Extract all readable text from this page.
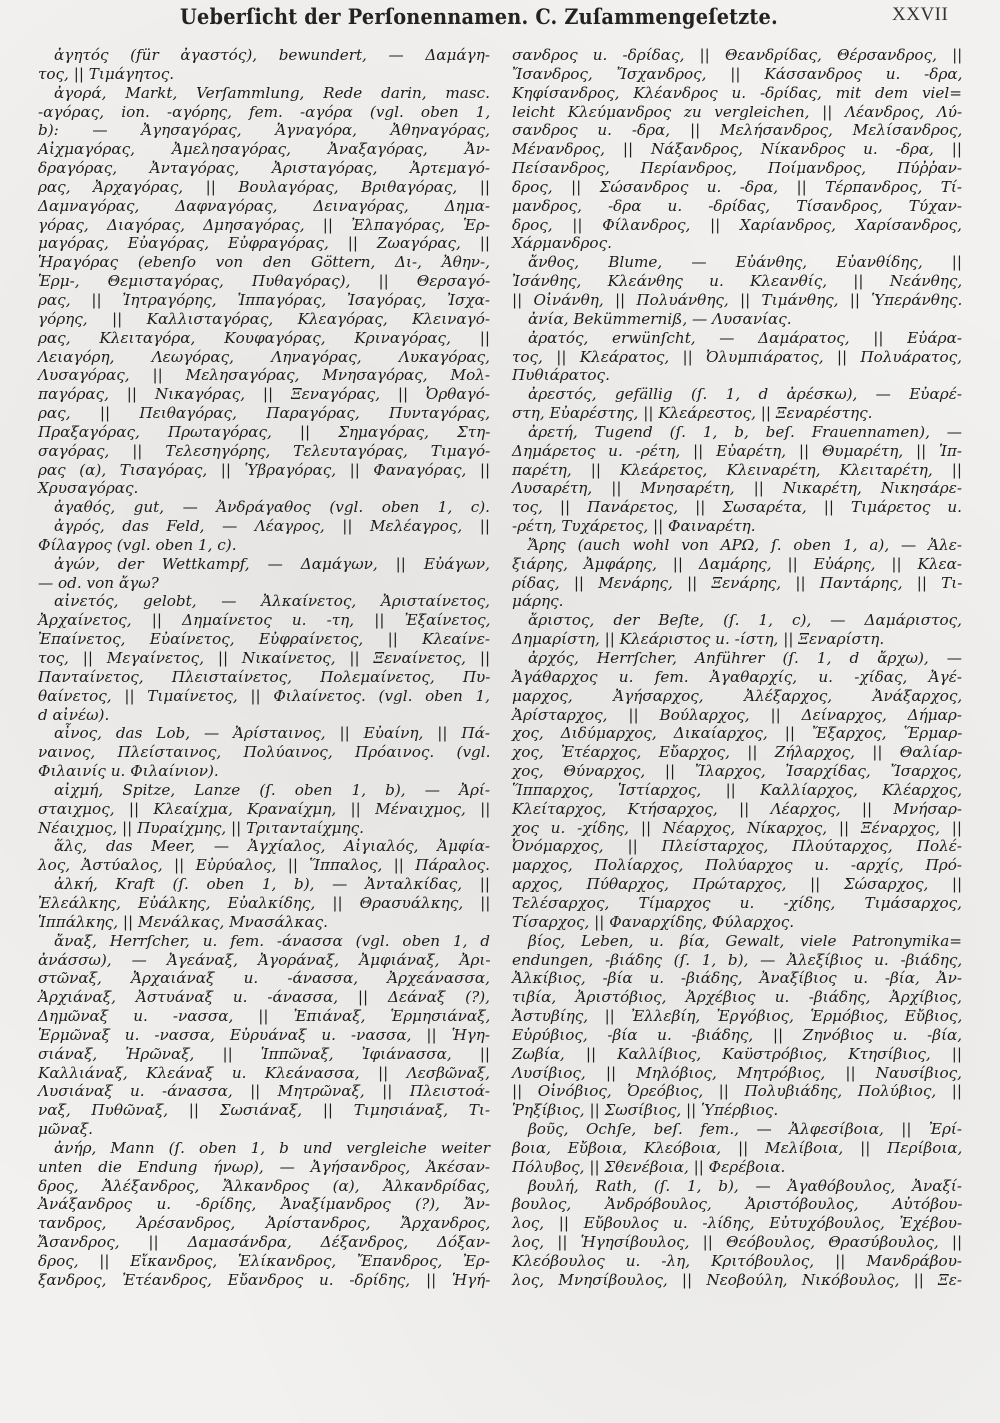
Ueberſicht der Perſonennamen. C. Zuſammengeſetzte.	XXVII
ἀγητός (für ἀγαστός), bewundert, — Δαμάγη-
τος, || Τιμάγητος.
ἀγορά, Markt, Verſammlung, Rede darin, masc.
-αγόρας, ion. -αγόρης, fem. -αγόρα (vgl. oben 1,
b): — Ἀγησαγόρας, Ἁγναγόρα, Ἀθηναγόρας,
Αἰχμαγόρας, Ἀμελησαγόρας, Ἀναξαγόρας, Ἀν-
δραγόρας, Ἀνταγόρας, Ἀρισταγόρας, Ἀρτεμαγό-
ρας, Ἀρχαγόρας, || Βουλαγόρας, Βριθαγόρας, ||
Δαμναγόρας, Δαφναγόρας, Δειναγόρας, Δημα-
γόρας, Διαγόρας, Δμησαγόρας, || Ἐλπαγόρας, Ἑρ-
μαγόρας, Εὐαγόρας, Εὐφραγόρας, || Ζωαγόρας, ||
Ἡραγόρας (ebenſo von den Göttern, Δι-, Ἀθην-,
Ἑρμ-, Θεμισταγόρας, Πυθαγόρας), || Θερσαγό-
ρας, || Ἰητραγόρης, Ἱππαγόρας, Ἰσαγόρας, Ἰσχα-
γόρης, || Καλλισταγόρας, Κλεαγόρας, Κλειναγό-
ρας, Κλειταγόρα, Κουφαγόρας, Κριναγόρας, ||
Λειαγόρη, Λεωγόρας, Ληναγόρας, Λυκαγόρας,
Λυσαγόρας, || Μελησαγόρας, Μνησαγόρας, Μολ-
παγόρας, || Νικαγόρας, || Ξεναγόρας, || Ὀρθαγό-
ρας, || Πειθαγόρας, Παραγόρας, Πυνταγόρας,
Πραξαγόρας, Πρωταγόρας, || Σημαγόρας, Στη-
σαγόρας, || Τελεσηγόρης, Τελευταγόρας, Τιμαγό-
ρας (α), Τισαγόρας, || Ὑβραγόρας, || Φαναγόρας, ||
Χρυσαγόρας.
ἀγαθός, gut, — Ἀνδράγαθος (vgl. oben 1, c).
ἀγρός, das Feld, — Λέαγρος, || Μελέαγρος, ||
Φίλαγρος (vgl. oben 1, c).
ἀγών, der Wettkampf, — Δαμάγων, || Εὐάγων,
— od. von ἄγω?
αἰνετός, gelobt, — Ἀλκαίνετος, Ἀρισταίνετος,
Ἀρχαίνετος, || Δημαίνετος u. -τη, || Ἐξαίνετος,
Ἐπαίνετος, Εὐαίνετος, Εὐφραίνετος, || Κλεαίνε-
τος, || Μεγαίνετος, || Νικαίνετος, || Ξεναίνετος, ||
Πανταίνετος, Πλεισταίνετος, Πολεμαίνετος, Πυ-
θαίνετος, || Τιμαίνετος, || Φιλαίνετος. (vgl. oben 1,
d αἰνέω).
αἶνος, das Lob, — Ἀρίσταινος, || Εὐαίνη, || Πά-
ναινος, Πλείσταινος, Πολύαινος, Πρόαινος. (vgl.
Φιλαινίς u. Φιλαίνιον).
αἰχμή, Spitze, Lanze (ſ. oben 1, b), — Ἀρί-
σταιχμος, || Κλεαίχμα, Κραναίχμη, || Μέναιχμος, ||
Νέαιχμος, || Πυραίχμης, || Τριταντaίχμης.
ἅλς, das Meer, — Ἀγχίαλος, Αἰγιαλός, Ἀμφία-
λος, Ἀστύαλος, || Εὐρύαλος, || Ἵππαλος, || Πάραλος.
ἀλκή, Kraft (ſ. oben 1, b), — Ἀνταλκίδας, ||
Ἐλεάλκης, Εὐάλκης, Εὐαλκίδης, || Θρασυάλκης, ||
Ἱππάλκης, || Μενάλκας, Μνασάλκας.
ἄναξ, Herrſcher, u. fem. -άνασσα (vgl. oben 1, d
ἀνάσσω), — Ἀγεάναξ, Ἀγοράναξ, Ἀμφιάναξ, Ἀρι-
στῶναξ, Ἀρχαιάναξ u. -άνασσα, Ἀρχεάνασσα,
Ἀρχιάναξ, Ἀστυάναξ u. -άνασσα, || Δεάναξ (?),
Δημῶναξ u. -νασσα, || Ἐπιάναξ, Ἑρμησιάναξ,
Ἑρμῶναξ u. -νασσα, Εὐρυάναξ u. -νασσα, || Ἡγη-
σιάναξ, Ἡρῶναξ, || Ἱππῶναξ, Ἰφιάνασσα, ||
Καλλιάναξ, Κλεάναξ u. Κλεάνασσα, || Λεσβῶναξ,
Λυσιάναξ u. -άνασσα, || Μητρῶναξ, || Πλειστοά-
ναξ, Πυθῶναξ, || Σωσιάναξ, || Τιμησιάναξ, Τι-
μῶναξ.
ἀνήρ, Mann (ſ. oben 1, b und vergleiche weiter
unten die Endung ήνωρ), — Ἀγήσανδρος, Ἀκέσαν-
δρος, Ἀλέξανδρος, Ἄλκανδρος (α), Ἀλκανδρίδας,
Ἀνάξανδρος u. -δρίδης, Ἀναξίμανδρος (?), Ἄν-
τανδρος, Ἀρέσανδρος, Ἀρίστανδρος, Ἄρχανδρος,
Ἄσανδρος, || Δαμασάνδρα, Δέξανδρος, Δόξαν-
δρος, || Εἴκανδρος, Ἑλίκανδρος, Ἔπανδρος, Ἐρ-
ξανδρος, Ἐτέανδρος, Εὔανδρος u. -δρίδης, || Ἡγή-
σανδρος u. -δρίδας, || Θεανδρίδας, Θέρσανδρος, ||
Ἴσανδρος, Ἴσχανδρος, || Κάσσανδρος u. -δρα,
Κηφίσανδρος, Κλέανδρος u. -δρίδας, mit dem viel=
leicht Κλεύμανδρος zu vergleichen, || Λέανδρος, Λύ-
σανδρος u. -δρα, || Μελήσανδρος, Μελίσανδρος,
Μένανδρος, || Νάξανδρος, Νίκανδρος u. -δρα, ||
Πείσανδρος, Περίανδρος, Ποίμανδρος, Πύῤῥαν-
δρος, || Σώσανδρος u. -δρα, || Τέρπανδρος, Τί-
μανδρος, -δρα u. -δρίδας, Τίσανδρος, Τύχαν-
δρος, || Φίλανδρος, || Χαρίανδρος, Χαρίσανδρος,
Χάρμανδρος.
ἄνθος, Blume, — Εὐάνθης, Εὐανθίδης, ||
Ἰσάνθης, Κλεάνθης u. Κλεανθίς, || Νεάνθης,
|| Οἰνάνθη, || Πολυάνθης, || Τιμάνθης, || Ὑπεράνθης.
ἀνία, Bekümmerniß, — Λυσανίας.
ἀρατός, erwünſcht, — Δαμάρατος, || Εὐάρα-
τος, || Κλεάρατος, || Ὀλυμπιάρατος, || Πολυάρατος,
Πυθιάρατος.
ἀρεστός, gefällig (ſ. 1, d ἀρέσκω), — Εὐαρέ-
στη, Εὐαρέστης, || Κλεάρεστος, || Ξεναρέστης.
ἀρετή, Tugend (ſ. 1, b, beſ. Frauennamen), —
Δημάρετος u. -ρέτη, || Εὐαρέτη, || Θυμαρέτη, || Ἱπ-
παρέτη, || Κλεάρετος, Κλειναρέτη, Κλειταρέτη, ||
Λυσαρέτη, || Μνησαρέτη, || Νικαρέτη, Νικησάρε-
τος, || Πανάρετος, || Σωσαρέτα, || Τιμάρετος u.
-ρέτη, Τυχάρετος, || Φαιναρέτη.
Ἄρης (auch wohl von ΑΡΩ, ſ. oben 1, a), — Ἀλε-
ξιάρης, Ἀμφάρης, || Δαμάρης, || Εὐάρης, || Κλεα-
ρίδας, || Μενάρης, || Ξενάρης, || Παντάρης, || Τι-
μάρης.
ἄριστος, der Beſte, (ſ. 1, c), — Δαμάριστος,
Δημαρίστη, || Κλεάριστος u. -ίστη, || Ξεναρίστη.
ἀρχός, Herrſcher, Anführer (ſ. 1, d ἄρχω), —
Ἀγάθαρχος u. fem. Ἀγαθαρχίς, u. -χίδας, Ἀγέ-
μαρχος, Ἀγήσαρχος, Ἀλέξαρχος, Ἀνάξαρχος,
Ἀρίσταρχος, || Βούλαρχος, || Δείναρχος, Δήμαρ-
χος, Διδύμαρχος, Δικαίαρχος, || Ἔξαρχος, Ἕρμαρ-
χος, Ἐτέαρχος, Εὔαρχος, || Ζήλαρχος, || Θαλίαρ-
χος, Θύναρχος, || Ἴλαρχος, Ἰσαρχίδας, Ἴσαρχος,
Ἵππαρχος, Ἱστίαρχος, || Καλλίαρχος, Κλέαρχος,
Κλείταρχος, Κτήσαρχος, || Λέαρχος, || Μνήσαρ-
χος u. -χίδης, || Νέαρχος, Νίκαρχος, || Ξέναρχος, ||
Ὀνόμαρχος, || Πλείσταρχος, Πλούταρχος, Πολέ-
μαρχος, Πολίαρχος, Πολύαρχος u. -αρχίς, Πρό-
αρχος, Πύθαρχος, Πρώταρχος, || Σώσαρχος, ||
Τελέσαρχος, Τίμαρχος u. -χίδης, Τιμάσαρχος,
Τίσαρχος, || Φαναρχίδης, Φύλαρχος.
βίος, Leben, u. βία, Gewalt, viele Patronymika=
endungen, -βιάδης (ſ. 1, b), — Ἀλεξίβιος u. -βιάδης,
Ἀλκίβιος, -βία u. -βιάδης, Ἀναξίβιος u. -βία, Ἀν-
τιβία, Ἀριστόβιος, Ἀρχέβιος u. -βιάδης, Ἀρχίβιος,
Ἀστυβίης, || Ἐλλεβίη, Ἐργόβιος, Ἑρμόβιος, Εὔβιος,
Εὐρύβιος, -βία u. -βιάδης, || Ζηνόβιος u. -βία,
Ζωβία, || Καλλίβιος, Καϋστρόβιος, Κτησίβιος, ||
Λυσίβιος, || Μηλόβιος, Μητρόβιος, || Ναυσίβιος,
|| Οἰνόβιος, Ὀρεόβιος, || Πολυβιάδης, Πολύβιος, ||
Ῥηξίβιος, || Σωσίβιος, || Ὑπέρβιος.
βοῦς, Ochſe, beſ. fem., — Ἀλφεσίβοια, || Ἐρί-
βοια, Εὔβοια, Κλεόβοια, || Μελίβοια, || Περίβοια,
Πόλυβος, || Σθενέβοια, || Φερέβοια.
βουλή, Rath, (ſ. 1, b), — Ἀγαθόβουλος, Ἀναξί-
βουλος, Ἀνδρόβουλος, Ἀριστόβουλος, Αὐτόβου-
λος, || Εὔβουλος u. -λίδης, Εὐτυχόβουλος, Ἐχέβου-
λος, || Ἡγησίβουλος, || Θεόβουλος, Θρασύβουλος, ||
Κλεόβουλος u. -λη, Κριτόβουλος, || Μανδράβου-
λος, Μνησίβουλος, || Νεοβούλη, Νικόβουλος, || Ξε-
